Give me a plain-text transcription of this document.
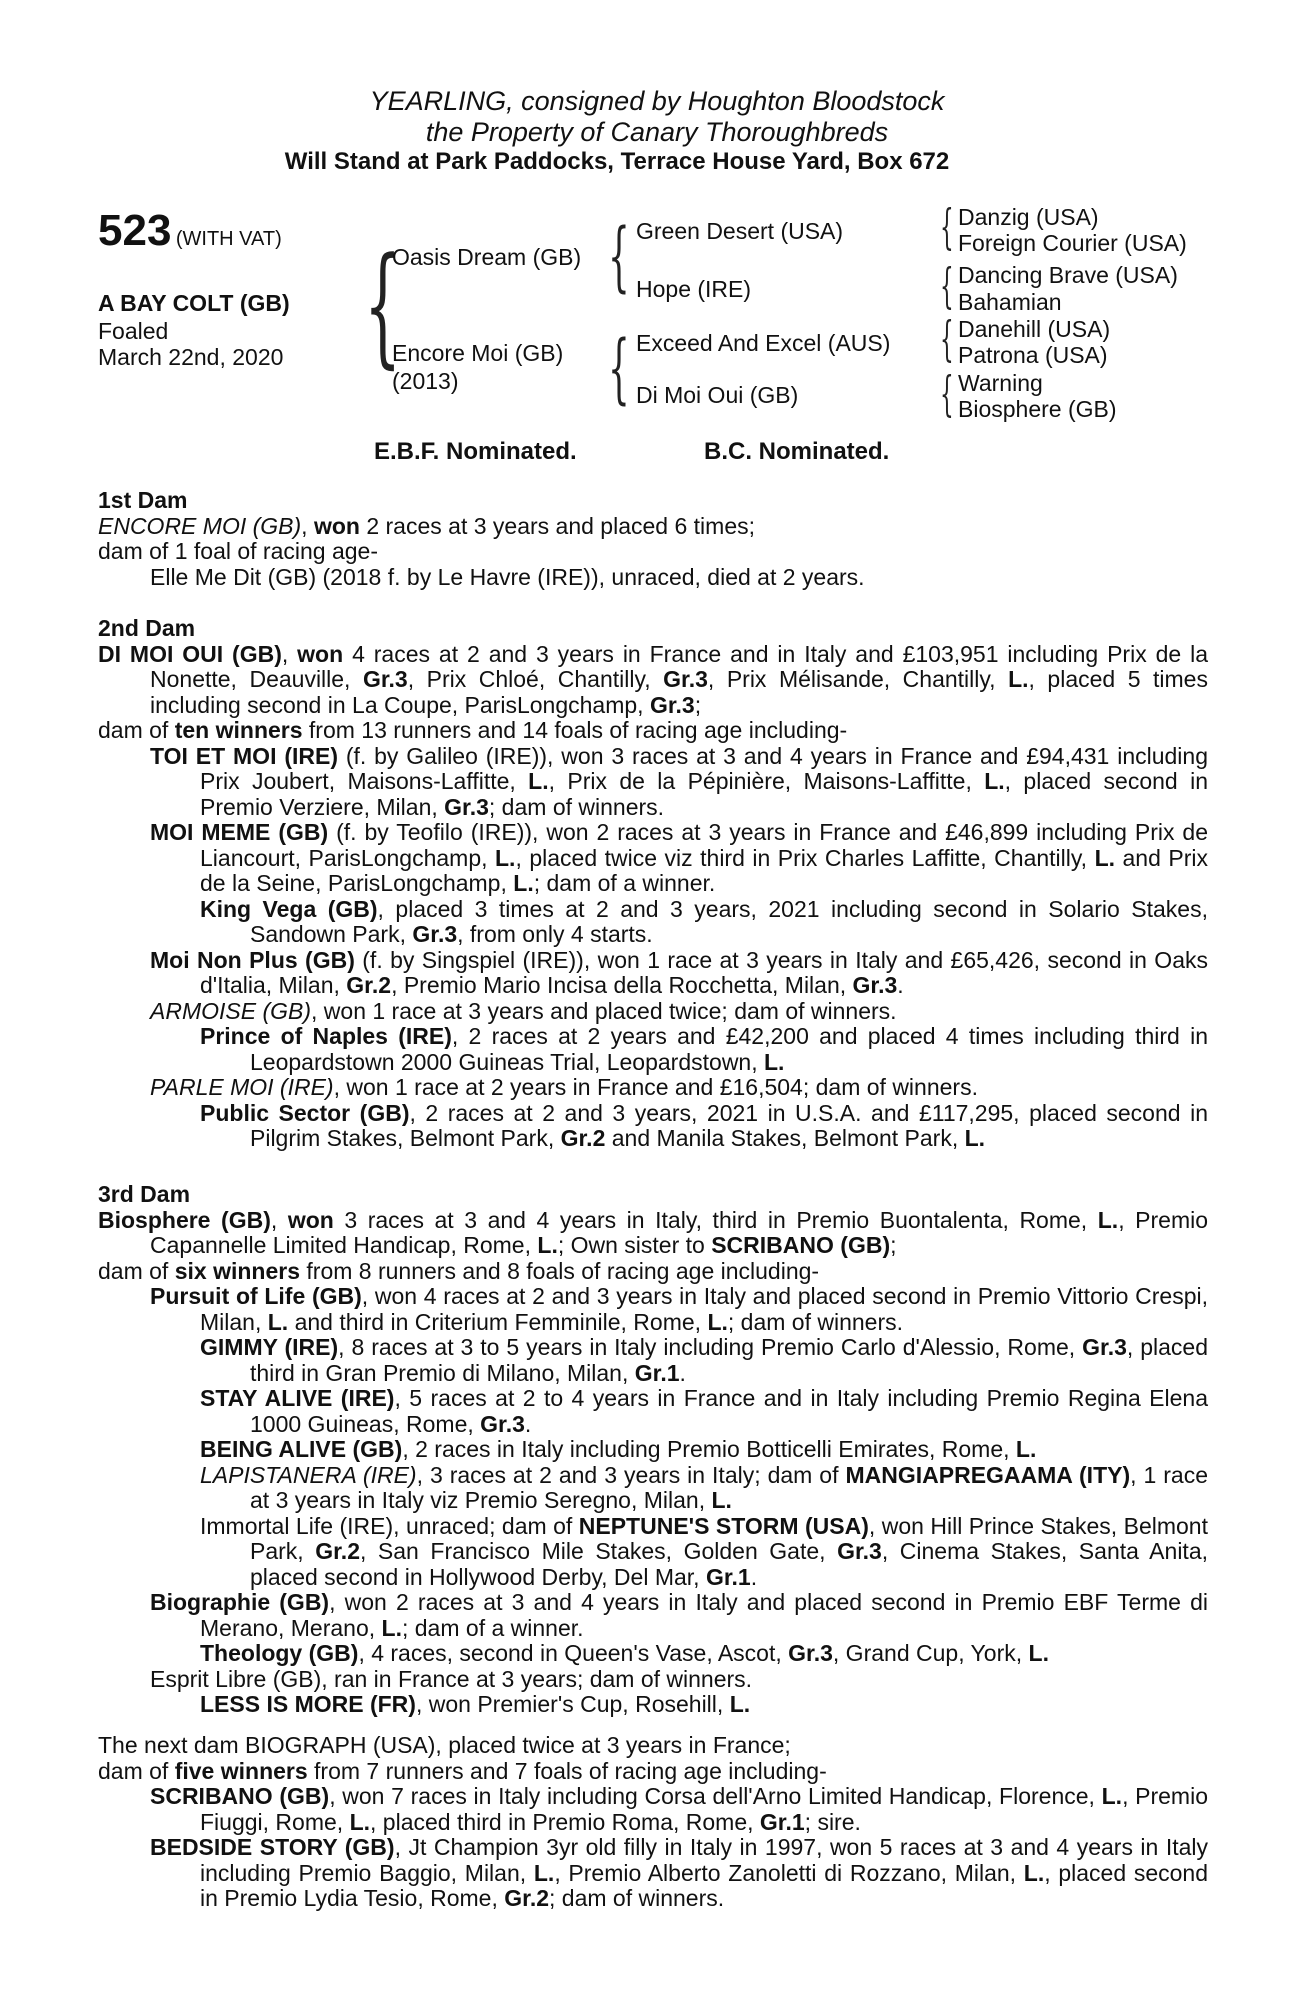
YEARLING, consigned by Houghton Bloodstock
the Property of Canary Thoroughbreds
Will Stand at Park Paddocks, Terrace House Yard, Box 672
523 (WITH VAT)
A BAY COLT (GB)
Foaled
March 22nd, 2020 {
Oasis Dream (GB)
Encore Moi (GB)
(2013)
{ Green Desert (USA)
Hope (IRE)
{ Exceed And Excel (AUS)
Di Moi Oui (GB)
{ Danzig (USA)
Foreign Courier (USA)
{ Dancing Brave (USA)
Bahamian
{ Danehill (USA)
Patrona (USA)
{ Warning
Biosphere (GB)
E.B.F. Nominated.	B.C. Nominated.

1st Dam

ENCORE MOI (GB), won 2 races at 3 years and placed 6 times;

dam of 1 foal of racing age-

Elle Me Dit (GB) (2018 f. by Le Havre (IRE)), unraced, died at 2 years.

2nd Dam

DI MOI OUI (GB), won 4 races at 2 and 3 years in France and in Italy and £103,951 including Prix de la Nonette, Deauville, Gr.3, Prix Chloé, Chantilly, Gr.3, Prix Mélisande, Chantilly, L., placed 5 times including second in La Coupe, ParisLongchamp, Gr.3;

dam of ten winners from 13 runners and 14 foals of racing age including-

TOI ET MOI (IRE) (f. by Galileo (IRE)), won 3 races at 3 and 4 years in France and £94,431 including Prix Joubert, Maisons-Laffitte, L., Prix de la Pépinière, Maisons-Laffitte, L., placed second in Premio Verziere, Milan, Gr.3; dam of winners.

MOI MEME (GB) (f. by Teofilo (IRE)), won 2 races at 3 years in France and £46,899 including Prix de Liancourt, ParisLongchamp, L., placed twice viz third in Prix Charles Laffitte, Chantilly, L. and Prix de la Seine, ParisLongchamp, L.; dam of a winner.

King Vega (GB), placed 3 times at 2 and 3 years, 2021 including second in Solario Stakes, Sandown Park, Gr.3, from only 4 starts.

Moi Non Plus (GB) (f. by Singspiel (IRE)), won 1 race at 3 years in Italy and £65,426, second in Oaks d'Italia, Milan, Gr.2, Premio Mario Incisa della Rocchetta, Milan, Gr.3.

ARMOISE (GB), won 1 race at 3 years and placed twice; dam of winners.

Prince of Naples (IRE), 2 races at 2 years and £42,200 and placed 4 times including third in Leopardstown 2000 Guineas Trial, Leopardstown, L.

PARLE MOI (IRE), won 1 race at 2 years in France and £16,504; dam of winners.

Public Sector (GB), 2 races at 2 and 3 years, 2021 in U.S.A. and £117,295, placed second in Pilgrim Stakes, Belmont Park, Gr.2 and Manila Stakes, Belmont Park, L.

3rd Dam

Biosphere (GB), won 3 races at 3 and 4 years in Italy, third in Premio Buontalenta, Rome, L., Premio Capannelle Limited Handicap, Rome, L.; Own sister to SCRIBANO (GB);

dam of six winners from 8 runners and 8 foals of racing age including-

Pursuit of Life (GB), won 4 races at 2 and 3 years in Italy and placed second in Premio Vittorio Crespi, Milan, L. and third in Criterium Femminile, Rome, L.; dam of winners.

GIMMY (IRE), 8 races at 3 to 5 years in Italy including Premio Carlo d'Alessio, Rome, Gr.3, placed third in Gran Premio di Milano, Milan, Gr.1.

STAY ALIVE (IRE), 5 races at 2 to 4 years in France and in Italy including Premio Regina Elena 1000 Guineas, Rome, Gr.3.

BEING ALIVE (GB), 2 races in Italy including Premio Botticelli Emirates, Rome, L.

LAPISTANERA (IRE), 3 races at 2 and 3 years in Italy; dam of MANGIAPREGAAMA (ITY), 1 race at 3 years in Italy viz Premio Seregno, Milan, L.

Immortal Life (IRE), unraced; dam of NEPTUNE'S STORM (USA), won Hill Prince Stakes, Belmont Park, Gr.2, San Francisco Mile Stakes, Golden Gate, Gr.3, Cinema Stakes, Santa Anita, placed second in Hollywood Derby, Del Mar, Gr.1.

Biographie (GB), won 2 races at 3 and 4 years in Italy and placed second in Premio EBF Terme di Merano, Merano, L.; dam of a winner.

Theology (GB), 4 races, second in Queen's Vase, Ascot, Gr.3, Grand Cup, York, L.

Esprit Libre (GB), ran in France at 3 years; dam of winners.

LESS IS MORE (FR), won Premier's Cup, Rosehill, L.

The next dam BIOGRAPH (USA), placed twice at 3 years in France;

dam of five winners from 7 runners and 7 foals of racing age including-

SCRIBANO (GB), won 7 races in Italy including Corsa dell'Arno Limited Handicap, Florence, L., Premio Fiuggi, Rome, L., placed third in Premio Roma, Rome, Gr.1; sire.

BEDSIDE STORY (GB), Jt Champion 3yr old filly in Italy in 1997, won 5 races at 3 and 4 years in Italy including Premio Baggio, Milan, L., Premio Alberto Zanoletti di Rozzano, Milan, L., placed second in Premio Lydia Tesio, Rome, Gr.2; dam of winners.
